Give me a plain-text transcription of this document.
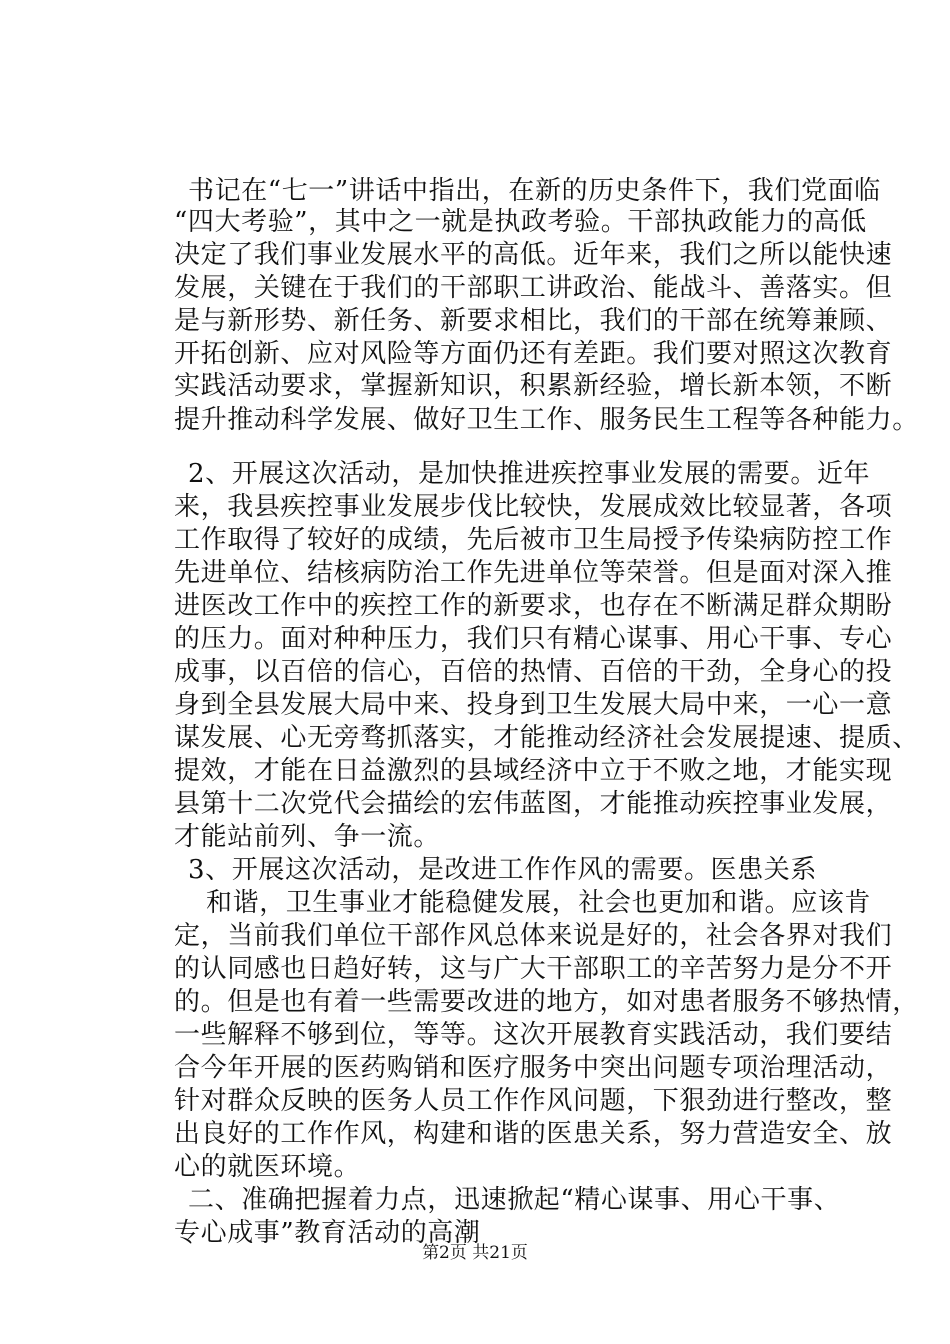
书记在“七一”讲话中指出，在新的历史条件下，我们党面临
“四大考验”，其中之一就是执政考验。干部执政能力的高低
决定了我们事业发展水平的高低。近年来，我们之所以能快速
发展，关键在于我们的干部职工讲政治、能战斗、善落实。但
是与新形势、新任务、新要求相比，我们的干部在统筹兼顾、
开拓创新、应对风险等方面仍还有差距。我们要对照这次教育
实践活动要求，掌握新知识，积累新经验，增长新本领，不断
提升推动科学发展、做好卫生工作、服务民生工程等各种能力。
2、开展这次活动，是加快推进疾控事业发展的需要。近年
来，我县疾控事业发展步伐比较快，发展成效比较显著，各项
工作取得了较好的成绩，先后被市卫生局授予传染病防控工作
先进单位、结核病防治工作先进单位等荣誉。但是面对深入推
进医改工作中的疾控工作的新要求，也存在不断满足群众期盼
的压力。面对种种压力，我们只有精心谋事、用心干事、专心
成事，以百倍的信心，百倍的热情、百倍的干劲，全身心的投
身到全县发展大局中来、投身到卫生发展大局中来，一心一意
谋发展、心无旁骛抓落实，才能推动经济社会发展提速、提质、
提效，才能在日益激烈的县域经济中立于不败之地，才能实现
县第十二次党代会描绘的宏伟蓝图，才能推动疾控事业发展，
才能站前列、争一流。
3、开展这次活动，是改进工作作风的需要。医患关系
和谐，卫生事业才能稳健发展，社会也更加和谐。应该肯
定，当前我们单位干部作风总体来说是好的，社会各界对我们
的认同感也日趋好转，这与广大干部职工的辛苦努力是分不开
的。但是也有着一些需要改进的地方，如对患者服务不够热情，
一些解释不够到位，等等。这次开展教育实践活动，我们要结
合今年开展的医药购销和医疗服务中突出问题专项治理活动，
针对群众反映的医务人员工作作风问题，下狠劲进行整改，整
出良好的工作作风，构建和谐的医患关系，努力营造安全、放
心的就医环境。
二、准确把握着力点，迅速掀起“精心谋事、用心干事、
专心成事”教育活动的高潮
第2页 共21页
